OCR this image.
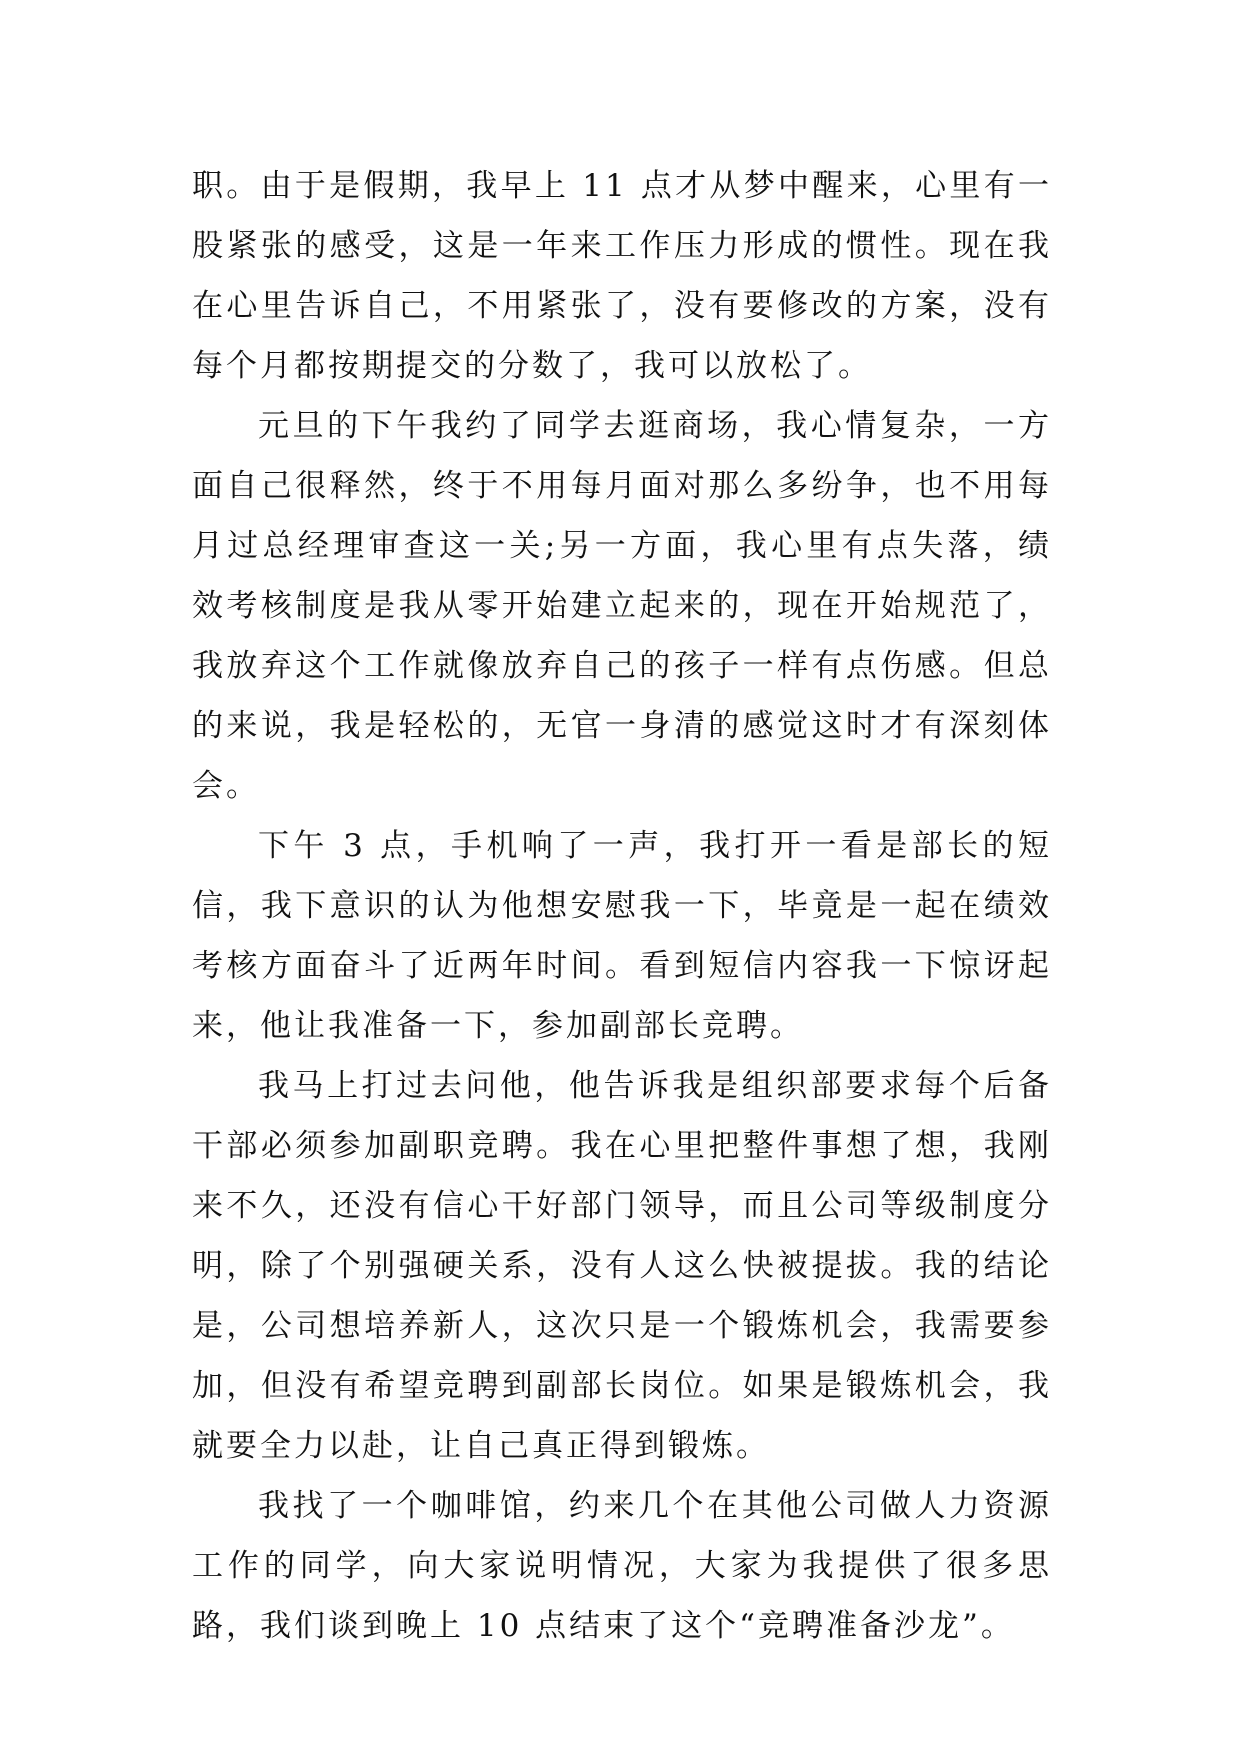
职。由于是假期，我早上 11 点才从梦中醒来，心里有一股紧张的感受，这是一年来工作压力形成的惯性。现在我在心里告诉自己，不用紧张了，没有要修改的方案，没有每个月都按期提交的分数了，我可以放松了。

元旦的下午我约了同学去逛商场，我心情复杂，一方面自己很释然，终于不用每月面对那么多纷争，也不用每月过总经理审查这一关;另一方面，我心里有点失落，绩效考核制度是我从零开始建立起来的，现在开始规范了，我放弃这个工作就像放弃自己的孩子一样有点伤感。但总的来说，我是轻松的，无官一身清的感觉这时才有深刻体会。

下午 3 点，手机响了一声，我打开一看是部长的短信，我下意识的认为他想安慰我一下，毕竟是一起在绩效考核方面奋斗了近两年时间。看到短信内容我一下惊讶起来，他让我准备一下，参加副部长竞聘。

我马上打过去问他，他告诉我是组织部要求每个后备干部必须参加副职竞聘。我在心里把整件事想了想，我刚来不久，还没有信心干好部门领导，而且公司等级制度分明，除了个别强硬关系，没有人这么快被提拔。我的结论是，公司想培养新人，这次只是一个锻炼机会，我需要参加，但没有希望竞聘到副部长岗位。如果是锻炼机会，我就要全力以赴，让自己真正得到锻炼。

我找了一个咖啡馆，约来几个在其他公司做人力资源工作的同学，向大家说明情况，大家为我提供了很多思路，我们谈到晚上 10 点结束了这个“竞聘准备沙龙”。
